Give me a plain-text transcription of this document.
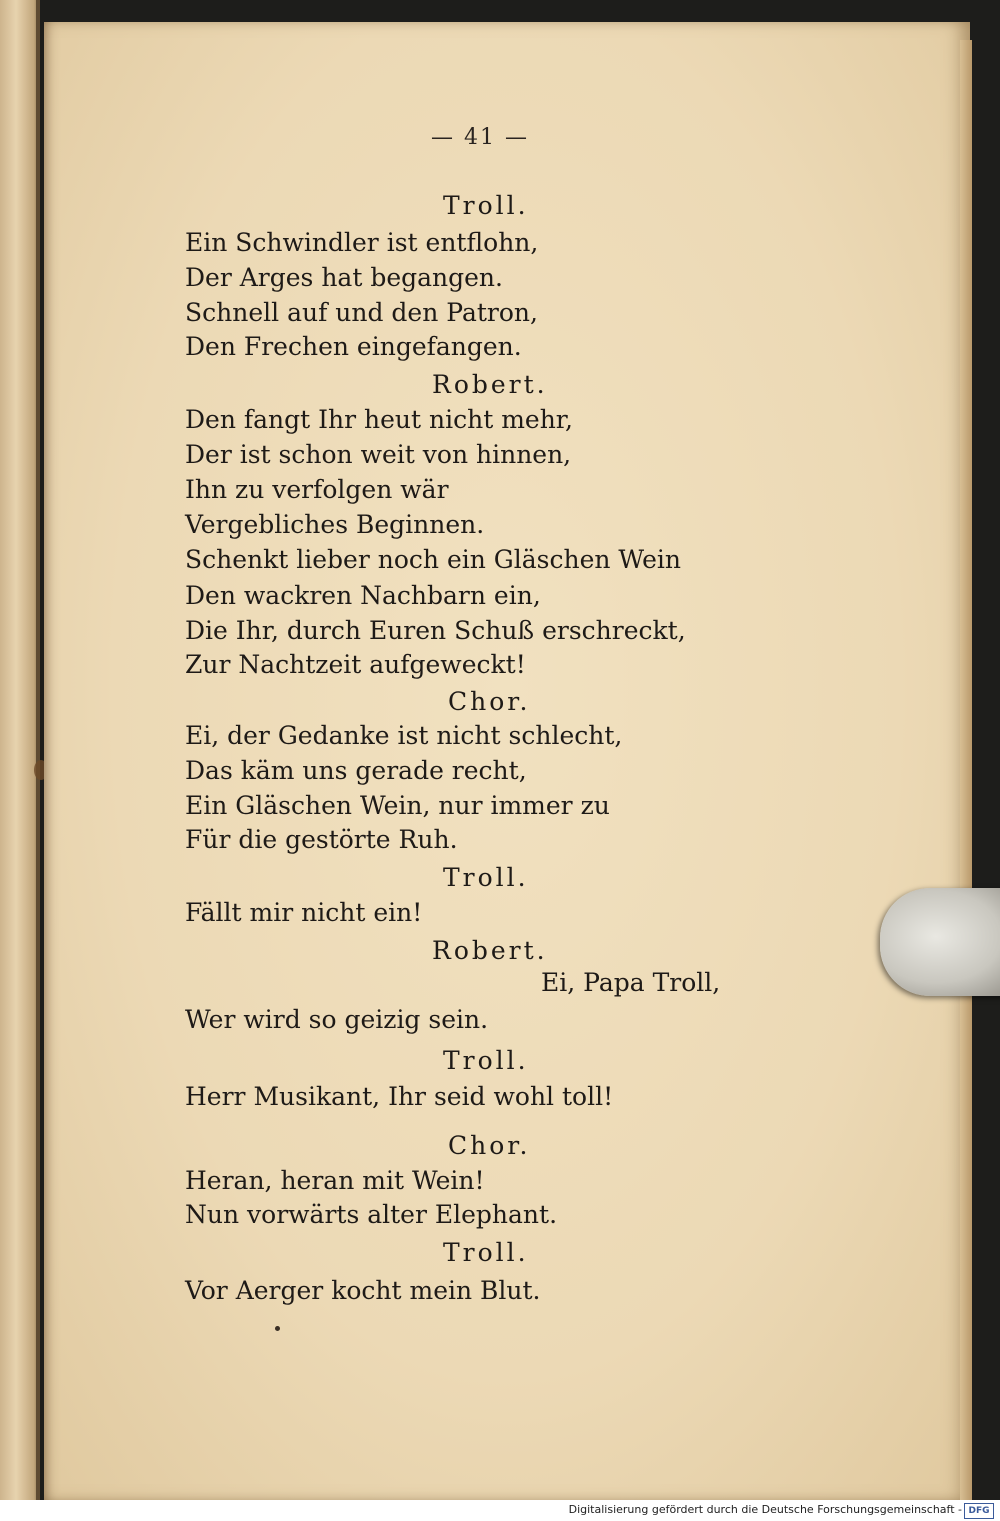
— 41 —
Troll.
Ein Schwindler ist entflohn,
Der Arges hat begangen.
Schnell auf und den Patron,
Den Frechen eingefangen.
Robert.
Den fangt Ihr heut nicht mehr,
Der ist schon weit von hinnen,
Ihn zu verfolgen wär
Vergebliches Beginnen.
Schenkt lieber noch ein Gläschen Wein
Den wackren Nachbarn ein,
Die Ihr, durch Euren Schuß erschreckt,
Zur Nachtzeit aufgeweckt!
Chor.
Ei, der Gedanke ist nicht schlecht,
Das käm uns gerade recht,
Ein Gläschen Wein, nur immer zu
Für die gestörte Ruh.
Troll.
Fällt mir nicht ein!
Robert.
Ei, Papa Troll,
Wer wird so geizig sein.
Troll.
Herr Musikant, Ihr seid wohl toll!
Chor.
Heran, heran mit Wein!
Nun vorwärts alter Elephant.
Troll.
Vor Aerger kocht mein Blut.
Digitalisierung gefördert durch die Deutsche Forschungsgemeinschaft - DFG
